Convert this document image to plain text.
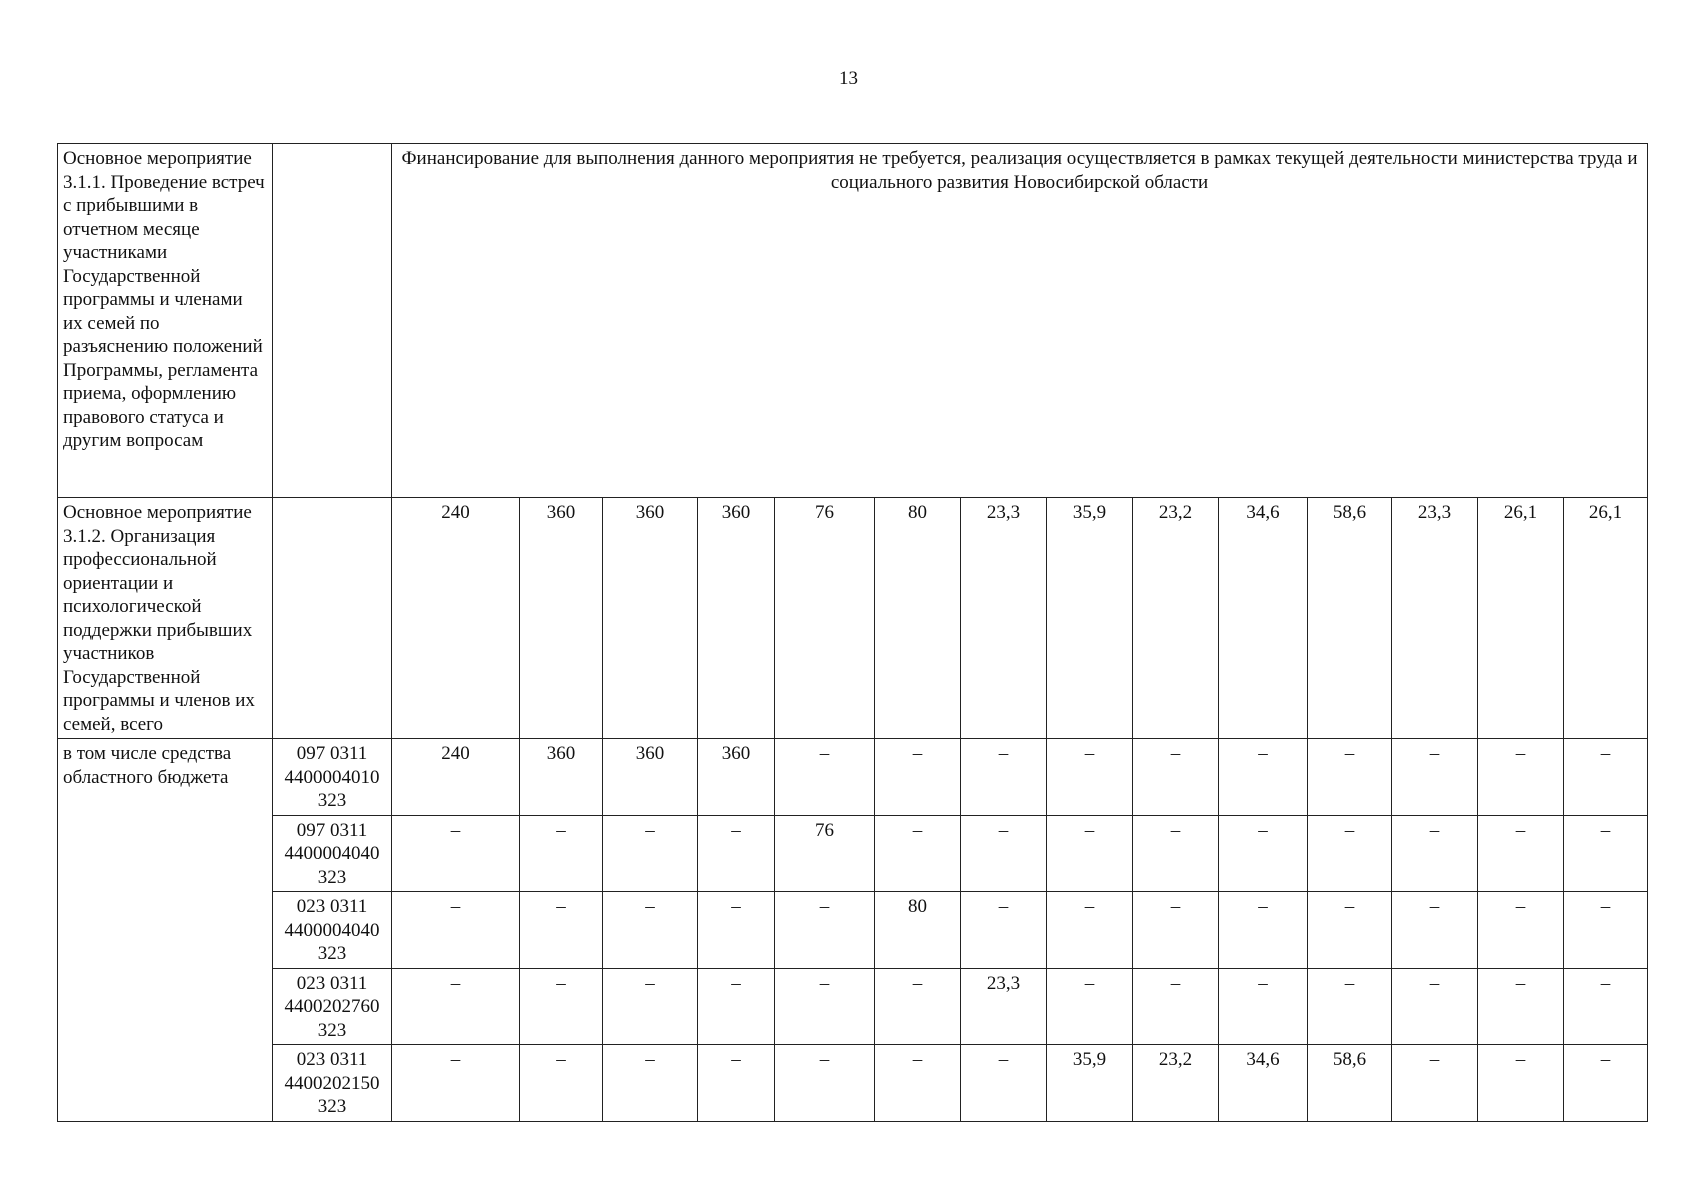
13
Основное мероприятие 3.1.1. Проведение встреч с прибывшими в отчетном месяце участниками Государственной программы и членами их семей по разъяснению положений Программы, регламента приема, оформлению правового статуса и другим вопросам		Финансирование для выполнения данного мероприятия не требуется, реализация осуществляется в рамках текущей деятельности министерства труда и социального развития Новосибирской области													
Основное мероприятие 3.1.2. Организация профессиональной ориентации и психологической поддержки прибывших участников Государственной программы и членов их семей, всего		240	360	360	360	76	80	23,3	35,9	23,2	34,6	58,6	23,3	26,1	26,1
в том числе средства областного бюджета	097 0311 4400004010 323	240	360	360	360	–	–	–	–	–	–	–	–	–	–
	097 0311 4400004040 323	–	–	–	–	76	–	–	–	–	–	–	–	–	–
	023 0311 4400004040 323	–	–	–	–	–	80	–	–	–	–	–	–	–	–
	023 0311 4400202760 323	–	–	–	–	–	–	23,3	–	–	–	–	–	–	–
	023 0311 4400202150 323	–	–	–	–	–	–	–	35,9	23,2	34,6	58,6	–	–	–
